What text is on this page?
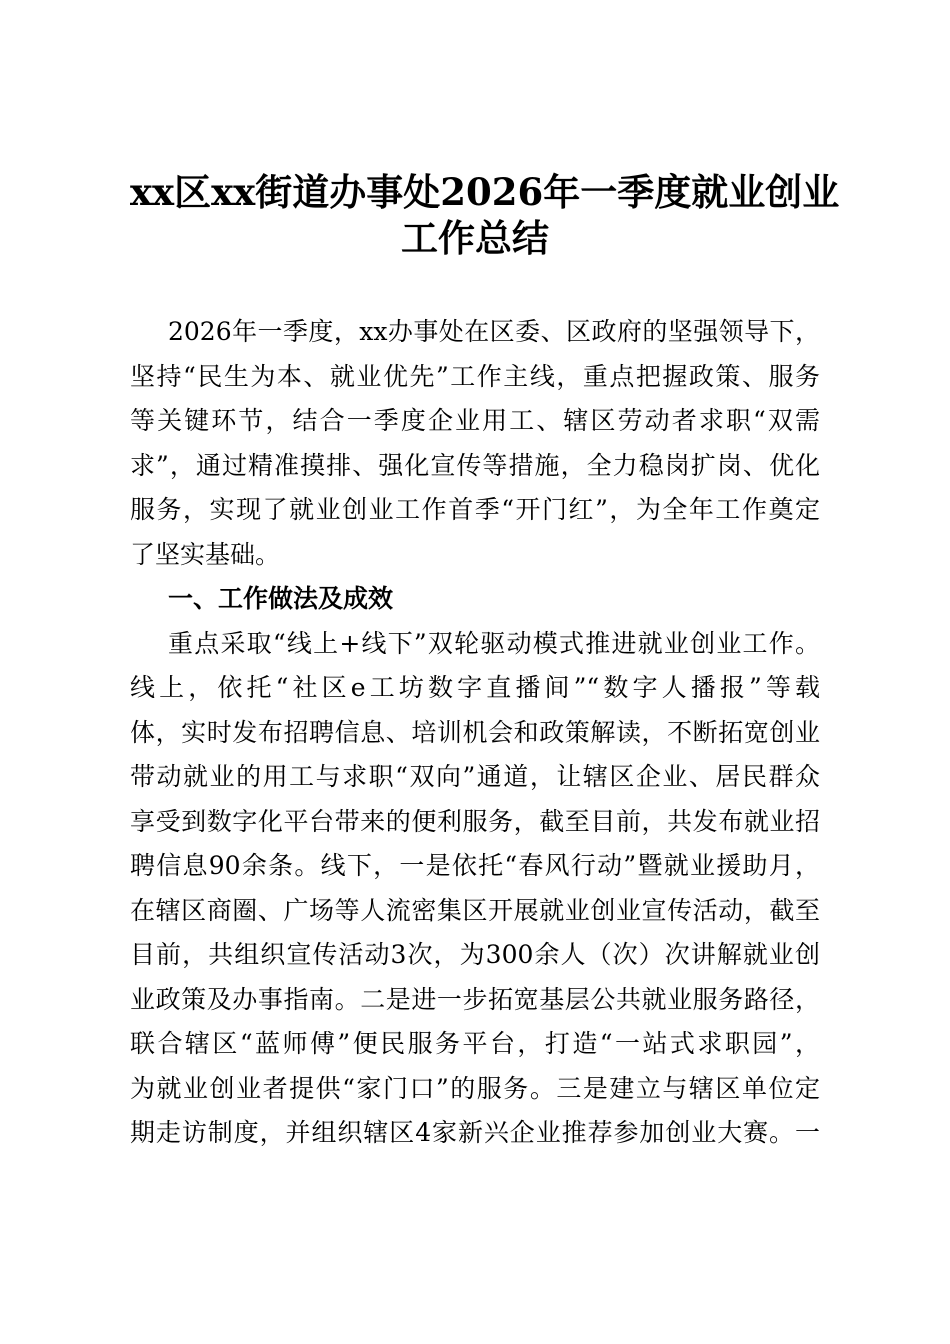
xx区xx街道办事处2026年一季度就业创业
工作总结
2026年一季度，xx办事处在区委、区政府的坚强领导下，
坚持“民生为本、就业优先”工作主线，重点把握政策、服务
等关键环节，结合一季度企业用工、辖区劳动者求职“双需
求”，通过精准摸排、强化宣传等措施，全力稳岗扩岗、优化
服务，实现了就业创业工作首季“开门红”，为全年工作奠定
了坚实基础。
一、工作做法及成效
重点采取“线上+线下”双轮驱动模式推进就业创业工作。
线上，依托“社区e工坊数字直播间”“数字人播报”等载
体，实时发布招聘信息、培训机会和政策解读，不断拓宽创业
带动就业的用工与求职“双向”通道，让辖区企业、居民群众
享受到数字化平台带来的便利服务，截至目前，共发布就业招
聘信息90余条。线下，一是依托“春风行动”暨就业援助月，
在辖区商圈、广场等人流密集区开展就业创业宣传活动，截至
目前，共组织宣传活动3次，为300余人（次）次讲解就业创
业政策及办事指南。二是进一步拓宽基层公共就业服务路径，
联合辖区“蓝师傅”便民服务平台，打造“一站式求职园”，
为就业创业者提供“家门口”的服务。三是建立与辖区单位定
期走访制度，并组织辖区4家新兴企业推荐参加创业大赛。一
